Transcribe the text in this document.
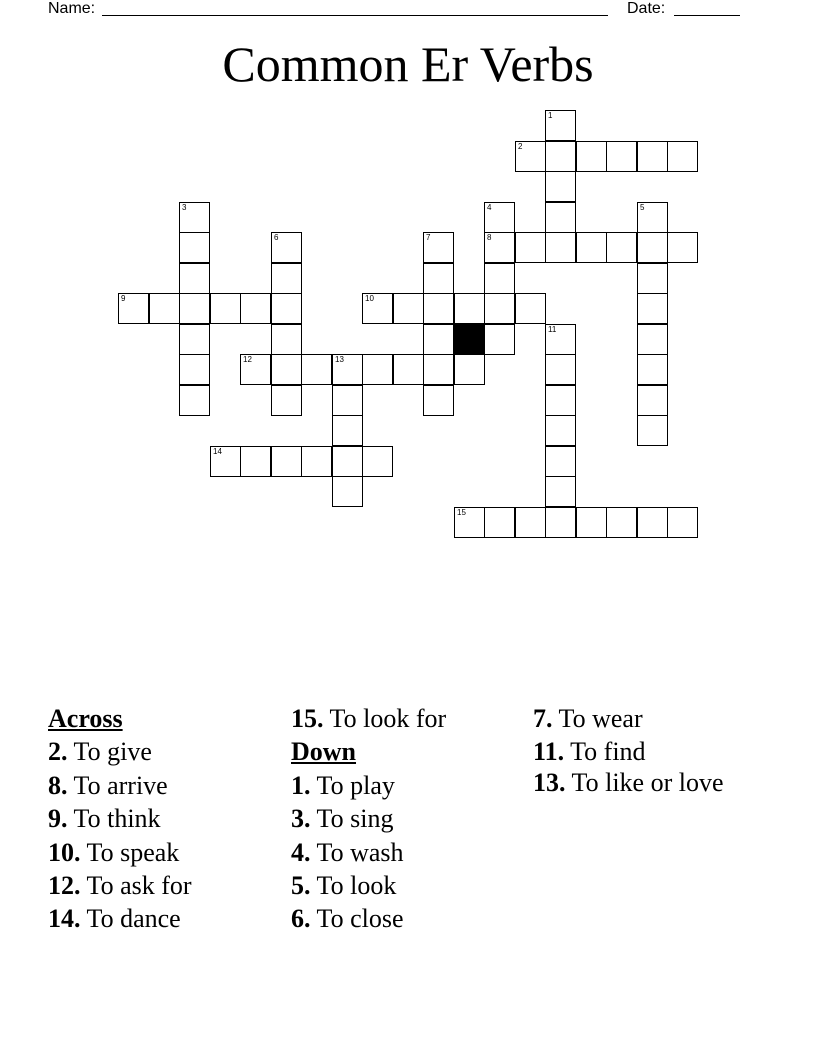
Name:	Date:
Common Er Verbs
1
2
3	4	5
6	7	8
9	10
11
12	13
14
15
Across
2. To give
8. To arrive
9. To think
10. To speak
12. To ask for
14. To dance
15. To look for
Down
1. To play
3. To sing
4. To wash
5. To look
6. To close
7. To wear
11. To find
13. To like or love
